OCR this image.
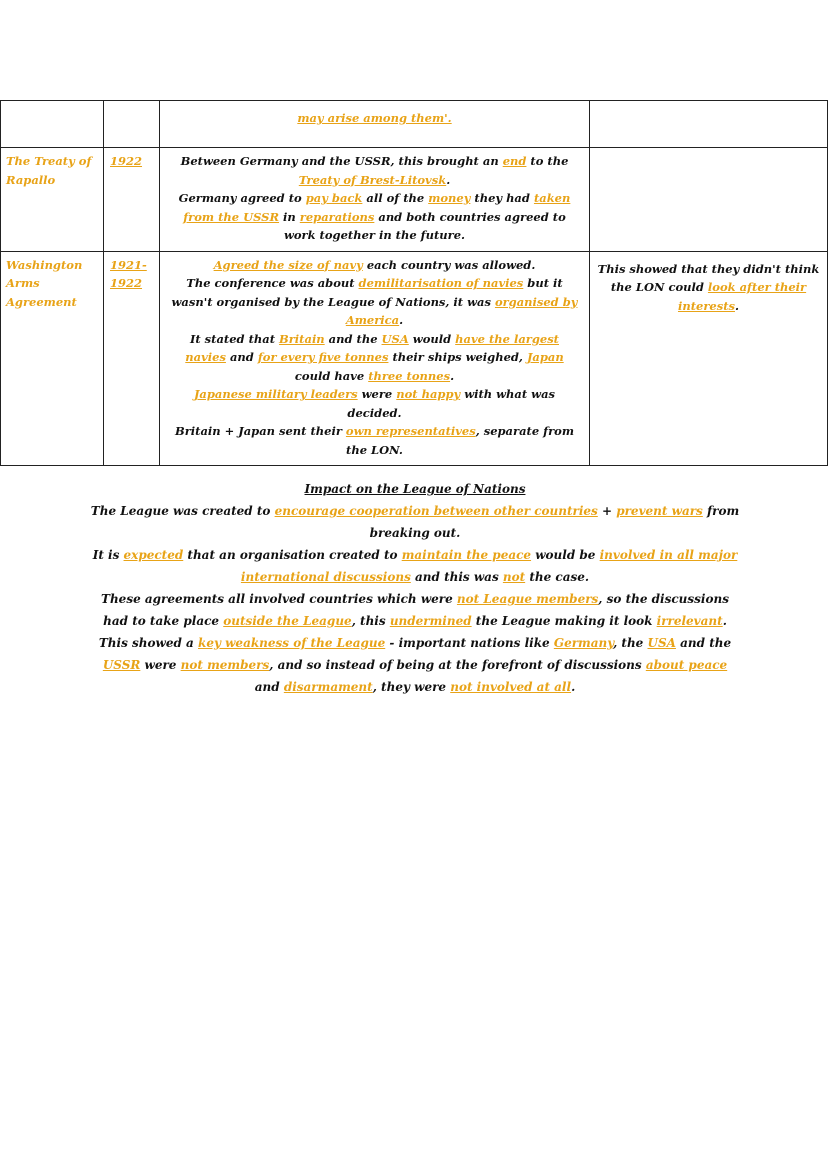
		may arise among them'.	
The Treaty of Rapallo	1922	Between Germany and the USSR, this brought an end to the Treaty of Brest-Litovsk.
Germany agreed to pay back all of the money they had taken from the USSR in reparations and both countries agreed to work together in the future.	
Washington Arms Agreement	1921-1922	Agreed the size of navy each country was allowed.
The conference was about demilitarisation of navies but it wasn't organised by the League of Nations, it was organised by America.
It stated that Britain and the USA would have the largest navies and for every five tonnes their ships weighed, Japan could have three tonnes.
Japanese military leaders were not happy with what was decided.
Britain + Japan sent their own representatives, separate from the LON.	This showed that they didn't think the LON could look after their interests.
Impact on the League of Nations
The League was created to encourage cooperation between other countries + prevent wars from breaking out.
It is expected that an organisation created to maintain the peace would be involved in all major international discussions and this was not the case.
These agreements all involved countries which were not League members, so the discussions had to take place outside the League, this undermined the League making it look irrelevant.
This showed a key weakness of the League - important nations like Germany, the USA and the USSR were not members, and so instead of being at the forefront of discussions about peace and disarmament, they were not involved at all.
